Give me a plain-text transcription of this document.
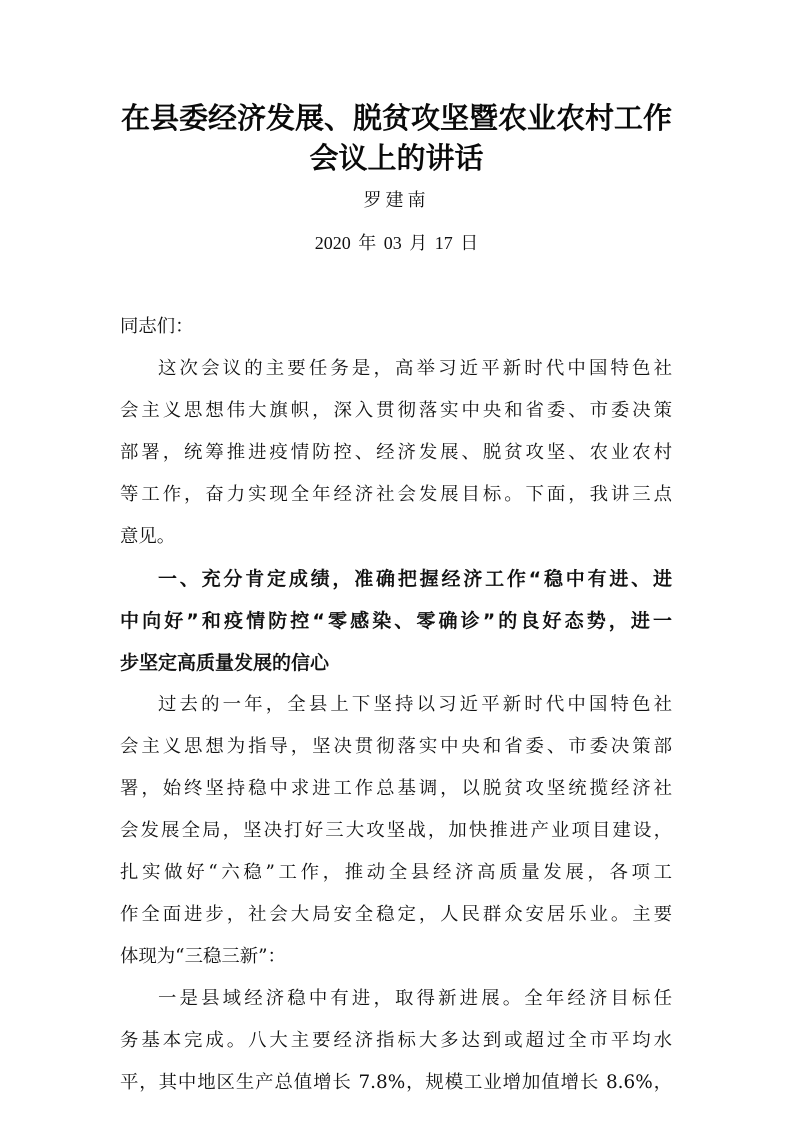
在县委经济发展、脱贫攻坚暨农业农村工作
会议上的讲话
罗建南
2020 年 03 月 17 日

同志们：

这次会议的主要任务是，高举习近平新时代中国特色社

会主义思想伟大旗帜，深入贯彻落实中央和省委、市委决策

部署，统筹推进疫情防控、经济发展、脱贫攻坚、农业农村

等工作，奋力实现全年经济社会发展目标。下面，我讲三点

意见。

一、充分肯定成绩，准确把握经济工作“稳中有进、进

中向好”和疫情防控“零感染、零确诊”的良好态势，进一

步坚定高质量发展的信心

过去的一年，全县上下坚持以习近平新时代中国特色社

会主义思想为指导，坚决贯彻落实中央和省委、市委决策部

署，始终坚持稳中求进工作总基调，以脱贫攻坚统揽经济社

会发展全局，坚决打好三大攻坚战，加快推进产业项目建设，

扎实做好“六稳”工作，推动全县经济高质量发展，各项工

作全面进步，社会大局安全稳定，人民群众安居乐业。主要

体现为“三稳三新”：

一是县域经济稳中有进，取得新进展。全年经济目标任

务基本完成。八大主要经济指标大多达到或超过全市平均水

平，其中地区生产总值增长 7.8%，规模工业增加值增长 8.6%，
